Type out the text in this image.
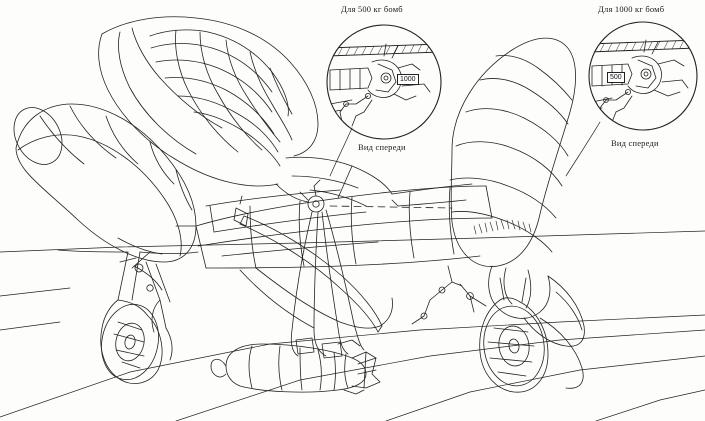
Для 500 кг бомб
Вид спереди
1000
Для 1000 кг бомб
Вид спереди
500
